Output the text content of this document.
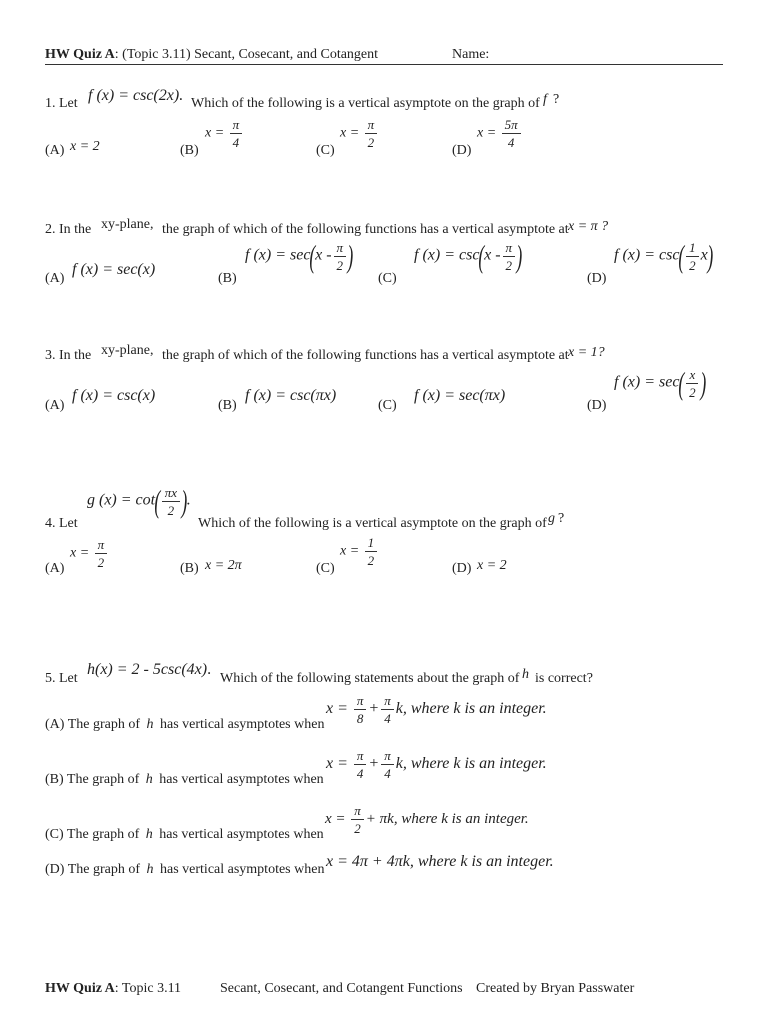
HW Quiz A: (Topic 3.11) Secant, Cosecant, and Cotangent	Name:
1. Let f (x) = csc(2x). Which of the following is a vertical asymptote on the graph of f ?
(A) x = 2	(B)
$x = \frac{\pi}{4}$
(C)
$x = \frac{\pi}{2}$
(D)
$x = \frac{5\pi}{4}$
2. In the xy-plane, the graph of which of the following functions has a vertical asymptote at x = π ?
(A)
f (x) = sec(x)
(B)
f $(x) = \sec(x - \frac{\pi}{2}$ )
(C)
f $(x) = \csc(x - \frac{\pi}{2}$ )
(D)
f $(x) = \csc( \frac{1}{2} x)$
3. In the xy-plane, the graph of which of the following functions has a vertical asymptote at x = 1?
(A)
f (x) = csc(x)
(B)
f (x) = csc(πx)
(C)
f (x) = sec(πx)
(D)
f $(x) = \sec( \frac{x}{2}$ )
4. Let
g $(x) = \cot( \frac{\pi x}{2}$ ).
Which of the following is a vertical asymptote on the graph of g ?
(A)
$x = \frac{\pi}{2}$	(B) x = 2π	(C)
$x = \frac{1}{2}$
(D) x = 2
5. Let
h(x) = 2 - 5csc(4x).
Which of the following statements about the graph of h is correct?
(A) The graph of h has vertical asymptotes when
$x = \frac{\pi}{8} + \frac{\pi}{4} k$, where k is an integer.
(B) The graph of h has vertical asymptotes when
$x = \frac{\pi}{4} + \frac{\pi}{4} k$, where k is an integer.
(C) The graph of h has vertical asymptotes when
$x = \frac{\pi}{2} + \pi k$, where k is an integer.
(D) The graph of h has vertical asymptotes when x = 4π + 4πk, where k is an integer.
HW Quiz A: Topic 3.11	Secant, Cosecant, and Cotangent Functions Created by Bryan Passwater
